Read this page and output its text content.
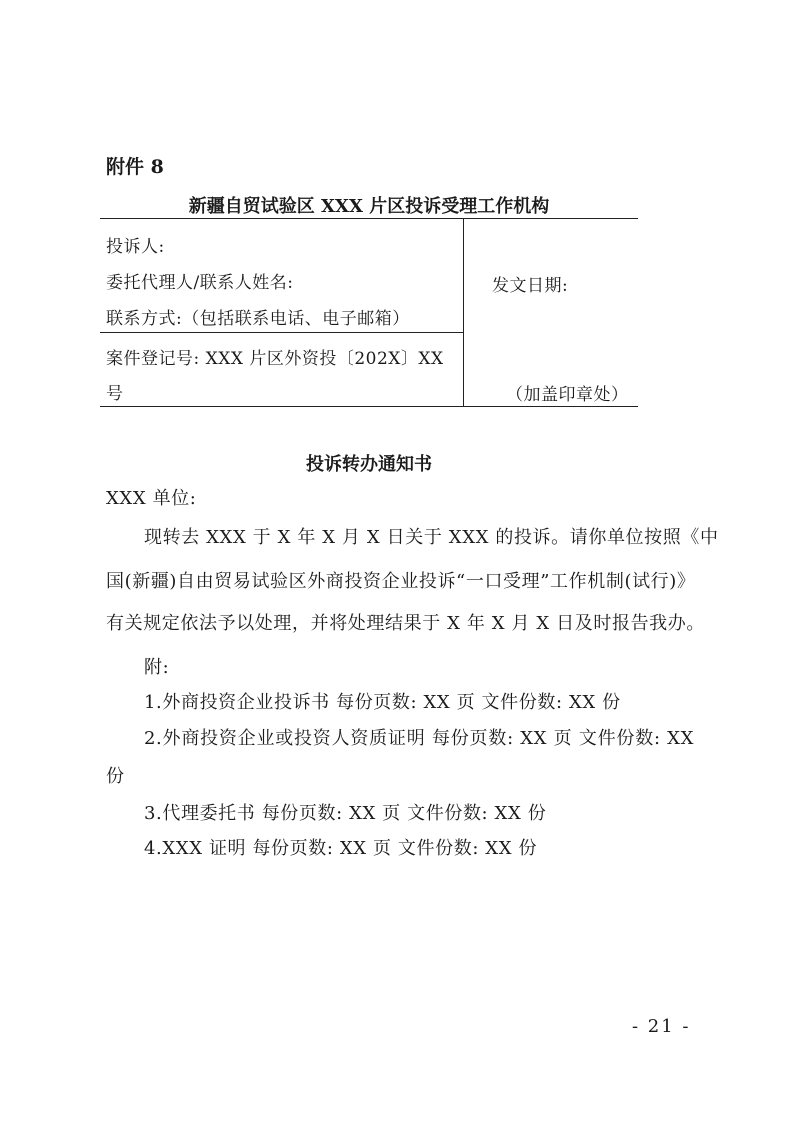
附件 8
新疆自贸试验区 XXX 片区投诉受理工作机构
投诉人:
委托代理人/联系人姓名:
联系方式:（包括联系电话、电子邮箱）
案件登记号: XXX 片区外资投〔202X〕XX
号
发文日期:
（加盖印章处）
投诉转办通知书
XXX 单位:
现转去 XXX 于 X 年 X 月 X 日关于 XXX 的投诉。请你单位按照《中
国(新疆)自由贸易试验区外商投资企业投诉“一口受理”工作机制(试行)》
有关规定依法予以处理，并将处理结果于 X 年 X 月 X 日及时报告我办。
附:
1.外商投资企业投诉书 每份页数: XX 页 文件份数: XX 份
2.外商投资企业或投资人资质证明 每份页数: XX 页 文件份数: XX
份
3.代理委托书 每份页数: XX 页 文件份数: XX 份
4.XXX 证明 每份页数: XX 页 文件份数: XX 份
- 21 -
